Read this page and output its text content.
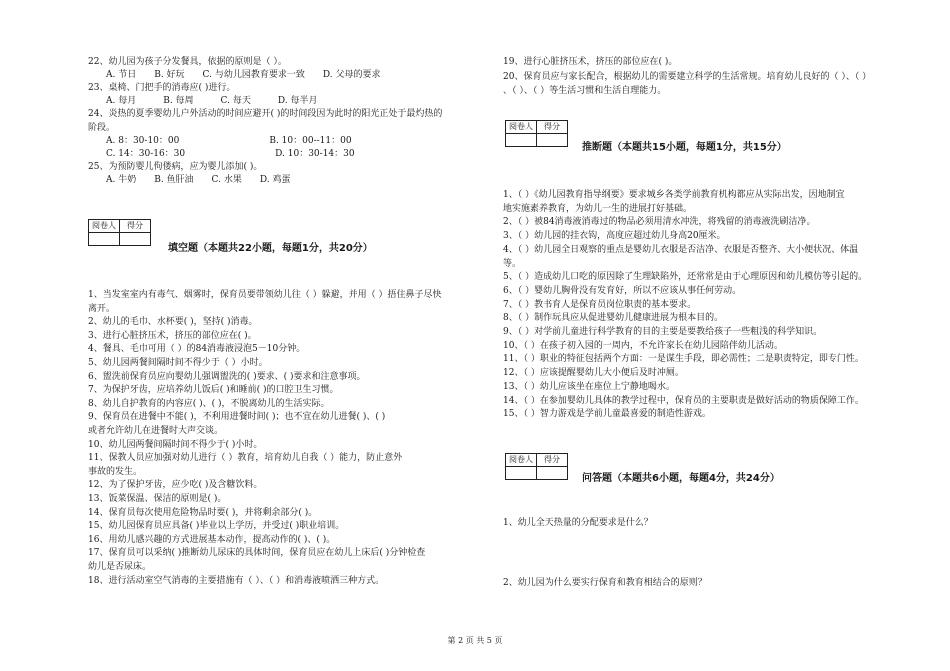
阅卷人	得分

填空题（本题共22小题，每题1分，共20分）
22、幼儿园为孩子分发餐具，依据的原则是（ ）。
　　A. 节日　　B. 好玩　　C. 与幼儿园教育要求一致　　D. 父母的要求
23、桌椅、门把手的消毒应( )进行。
　　A. 每月　　　B. 每周　　　C. 每天　　　D. 每半月
24、炎热的夏季婴幼儿户外活动的时间应避开( )的时间段因为此时的阳光正处于最灼热的
阶段。
　　A. 8：30-10：00　　　　　　　　　　B. 10：00--11：00
　　C. 14：30-16：30　　　　　　　　　　D. 10：30-14：30
25、为预防婴儿佝偻病，应为婴儿添加( )。
　　A. 牛奶　　B. 鱼肝油　　C. 水果　　D. 鸡蛋
1、当发室室内有毒气、烟雾时，保育员要带领幼儿往（ ）躲避，并用（ ）捂住鼻子尽快
离开。
2、幼儿的毛巾、水杯要( )，坚持( )消毒。
3、进行心脏挤压术，挤压的部位应在( )。
4、餐具、毛巾可用（ ）的84消毒液浸泡5－10分钟。
5、幼儿园两餐间隔时间不得少于（ ）小时。
6、盥洗前保育员应向婴幼儿强调盥洗的( )要求、( )要求和注意事项。
7、为保护牙齿，应培养幼儿饭后( )和睡前( )的口腔卫生习惯。
8、幼儿自护教育的内容应( )、( )，不脱离幼儿的生活实际。
9、保育员在进餐中不能( )，不利用进餐时间( )；也不宜在幼儿进餐( )、( )
或者允许幼儿在进餐时大声交谈。
10、幼儿园两餐间隔时间不得少于( )小时。
11、保教人员应加强对幼儿进行（ ）教育，培育幼儿自我（ ）能力，防止意外
事故的发生。
12、为了保护牙齿，应少吃( )及含糖饮料。
13、饭菜保温、保洁的原则是( )。
14、保育员每次使用危险物品时要( )，并将剩余部分( )。
15、幼儿园保育员应具备( )毕业以上学历，并受过( )职业培训。
16、用幼儿感兴趣的方式进展基本动作，提高动作的( )、( )。
17、保育员可以采纳( )推断幼儿尿床的具体时间，保育员应在幼儿上床后( )分钟检查
幼儿是否尿床。
18、进行活动室空气消毒的主要措施有（ ）、（ ）和消毒液喷洒三种方式。
阅卷人	得分

推断题（本题共15小题，每题1分，共15分）
阅卷人	得分

问答题（本题共6小题，每题4分，共24分）
19、进行心脏挤压术，挤压的部位应在( )。
20、保育员应与家长配合，根据幼儿的需要建立科学的生活常规。培育幼儿良好的（ ）、（ ）
、（ ）、（ ）等生活习惯和生活自理能力。
1、（ ）《幼儿园教育指导纲要》要求城乡各类学前教育机构都应从实际出发，因地制宜
地实施素养教育，为幼儿一生的进展打好基础。
2、（ ）被84消毒液消毒过的物品必须用清水冲洗，将残留的消毒液洗刷洁净。
3、（ ）幼儿园的挂衣钩，高度应超过幼儿身高20厘米。
4、（ ）幼儿园全日观察的重点是婴幼儿衣服是否洁净、衣服是否整齐、大小便状况、体温
等。
5、（ ）造成幼儿口吃的原因除了生理缺陷外，还常常是由于心理原因和幼儿模仿等引起的。
6、（ ）婴幼儿胸骨没有发育好，所以不应该从事任何劳动。
7、（ ）教书育人是保育员岗位职责的基本要求。
8、（ ）制作玩具应从促进婴幼儿健康进展为根本目的。
9、（ ）对学前儿童进行科学教育的目的主要是要教给孩子一些粗浅的科学知识。
10、（ ）在孩子初入园的一周内，不允许家长在幼儿园陪伴幼儿活动。
11、（ ）职业的特征包括两个方面：一是谋生手段，即必需性；二是职责特定，即专门性。
12、（ ）应该提醒婴幼儿大小便后及时冲厕。
13、（ ）幼儿应该坐在座位上宁静地喝水。
14、（ ）在参加婴幼儿具体的教学过程中，保育员的主要职责是做好活动的物质保障工作。
15、（ ）智力游戏是学前儿童最喜爱的制造性游戏。
1、幼儿全天热量的分配要求是什么？
2、幼儿园为什么要实行保育和教育相结合的原则？
第 2 页 共 5 页
